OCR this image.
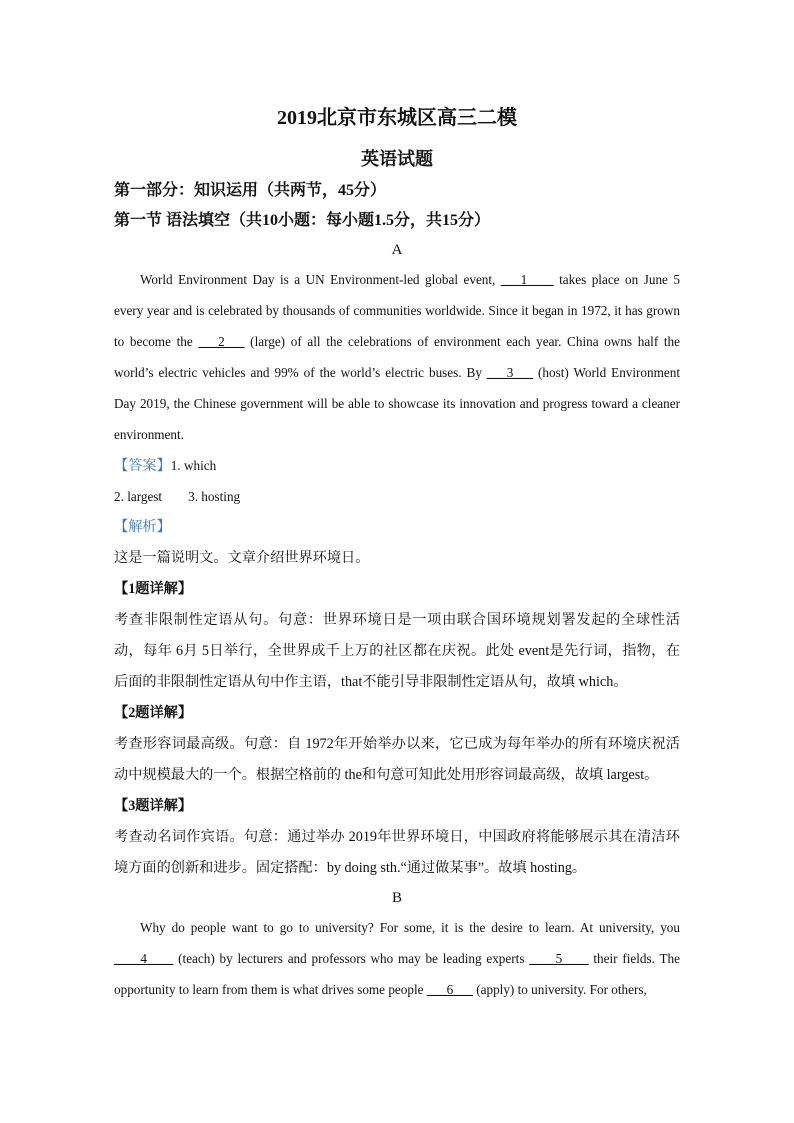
2019北京市东城区高三二模
英语试题
第一部分：知识运用（共两节，45分）
第一节 语法填空（共10小题：每小题1.5分，共15分）
A

World Environment Day is a UN Environment-led global event, ___1____ takes place on June 5 every year and is celebrated by thousands of communities worldwide. Since it began in 1972, it has grown to become the ___2___ (large) of all the celebrations of environment each year. China owns half the world’s electric vehicles and 99% of the world’s electric buses. By ___3___ (host) World Environment Day 2019, the Chinese government will be able to showcase its innovation and progress toward a cleaner environment.

【答案】1. which
2. largest 3. hosting
【解析】
这是一篇说明文。文章介绍世界环境日。
【1题详解】

考查非限制性定语从句。句意：世界环境日是一项由联合国环境规划署发起的全球性活动，每年 6月 5日举行，全世界成千上万的社区都在庆祝。此处 event是先行词，指物，在后面的非限制性定语从句中作主语，that不能引导非限制性定语从句，故填 which。

【2题详解】

考查形容词最高级。句意：自 1972年开始举办以来，它已成为每年举办的所有环境庆祝活动中规模最大的一个。根据空格前的 the和句意可知此处用形容词最高级，故填 largest。

【3题详解】

考查动名词作宾语。句意：通过举办 2019年世界环境日，中国政府将能够展示其在清洁环境方面的创新和进步。固定搭配：by doing sth.“通过做某事”。故填 hosting。

B

Why do people want to go to university? For some, it is the desire to learn. At university, you ____4____ (teach) by lecturers and professors who may be leading experts ____5____ their fields. The opportunity to learn from them is what drives some people ___6___ (apply) to university. For others,
